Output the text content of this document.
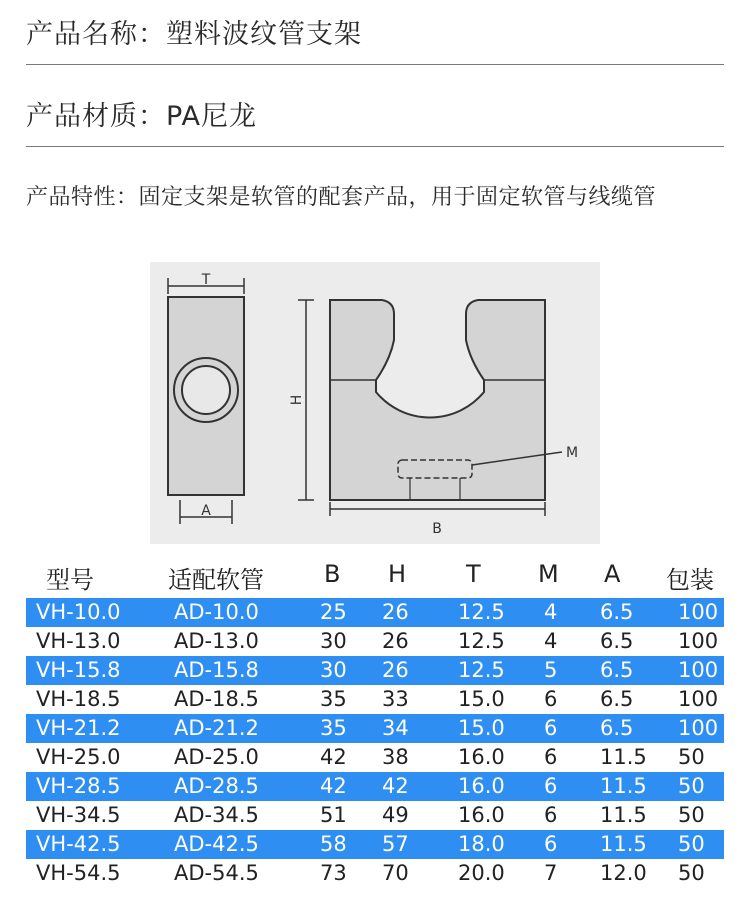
产品名称：塑料波纹管支架
产品材质：PA尼龙
产品特性：固定支架是软管的配套产品，用于固定软管与线缆管
T
A
H
B
M
型号	适配软管	B H T M A 包装
VH-10.0	AD-10.0	25 26 12.5 4 6.5 100
VH-13.0	AD-13.0	30 26 12.5 4 6.5 100
VH-15.8	AD-15.8	30 26 12.5 5 6.5 100
VH-18.5	AD-18.5	35 33 15.0 6 6.5 100
VH-21.2	AD-21.2	35 34 15.0 6 6.5 100
VH-25.0	AD-25.0	42 38 16.0 6 11.5 50
VH-28.5	AD-28.5	42 42 16.0 6 11.5 50
VH-34.5	AD-34.5	51 49 16.0 6 11.5 50
VH-42.5	AD-42.5	58 57 18.0 6 11.5 50
VH-54.5	AD-54.5	73 70 20.0 7 12.0 50
